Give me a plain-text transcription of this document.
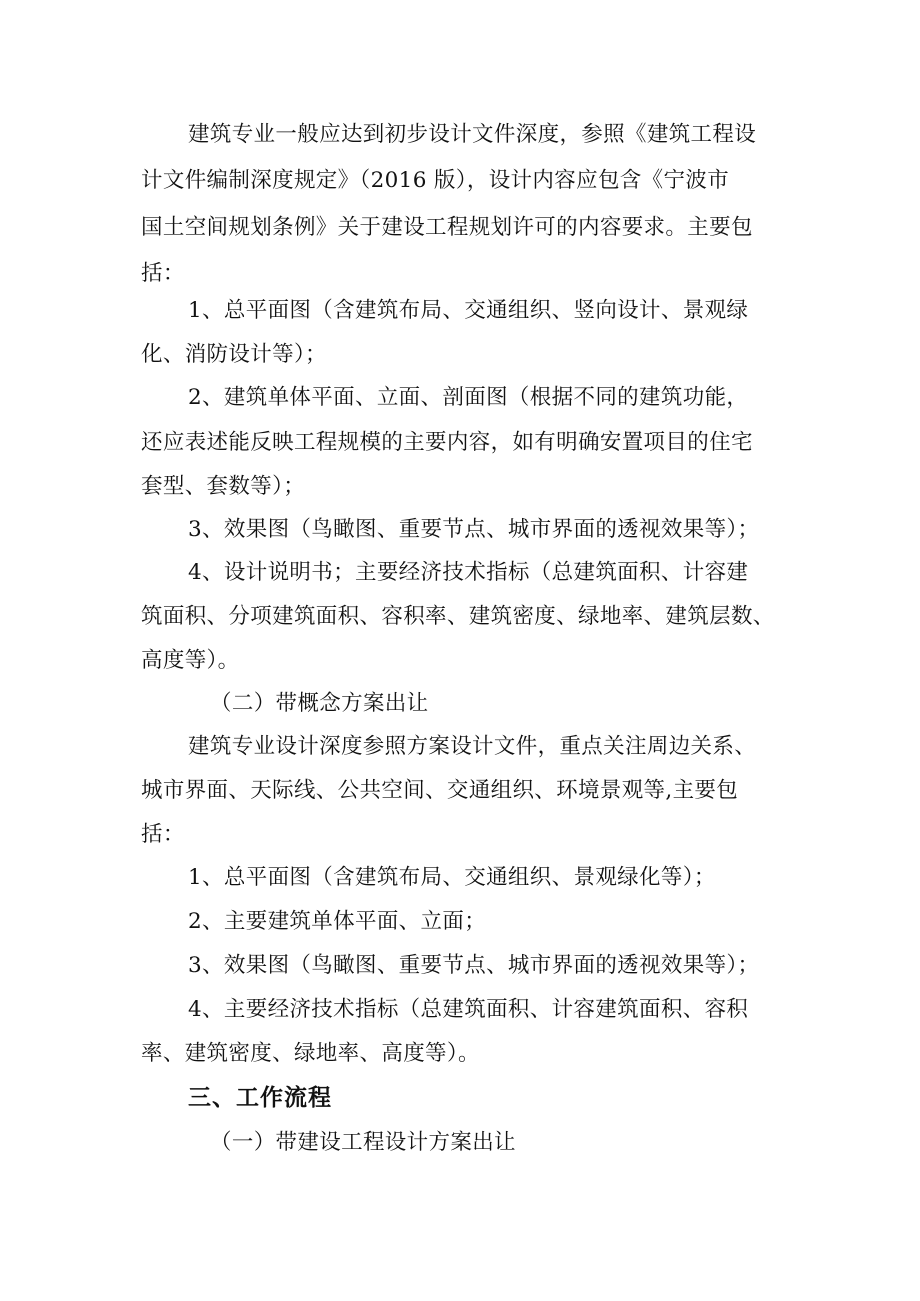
建筑专业一般应达到初步设计文件深度，参照《建筑工程设
计文件编制深度规定》（2016 版），设计内容应包含《宁波市
国土空间规划条例》关于建设工程规划许可的内容要求。主要包
括：
1、总平面图（含建筑布局、交通组织、竖向设计、景观绿
化、消防设计等）；
2、建筑单体平面、立面、剖面图（根据不同的建筑功能，
还应表述能反映工程规模的主要内容，如有明确安置项目的住宅
套型、套数等）；
3、效果图（鸟瞰图、重要节点、城市界面的透视效果等）；
4、设计说明书；主要经济技术指标（总建筑面积、计容建
筑面积、分项建筑面积、容积率、建筑密度、绿地率、建筑层数、
高度等）。
（二）带概念方案出让
建筑专业设计深度参照方案设计文件，重点关注周边关系、
城市界面、天际线、公共空间、交通组织、环境景观等,主要包
括：
1、总平面图（含建筑布局、交通组织、景观绿化等）；
2、主要建筑单体平面、立面；
3、效果图（鸟瞰图、重要节点、城市界面的透视效果等）；
4、主要经济技术指标（总建筑面积、计容建筑面积、容积
率、建筑密度、绿地率、高度等）。
三、工作流程
（一）带建设工程设计方案出让
